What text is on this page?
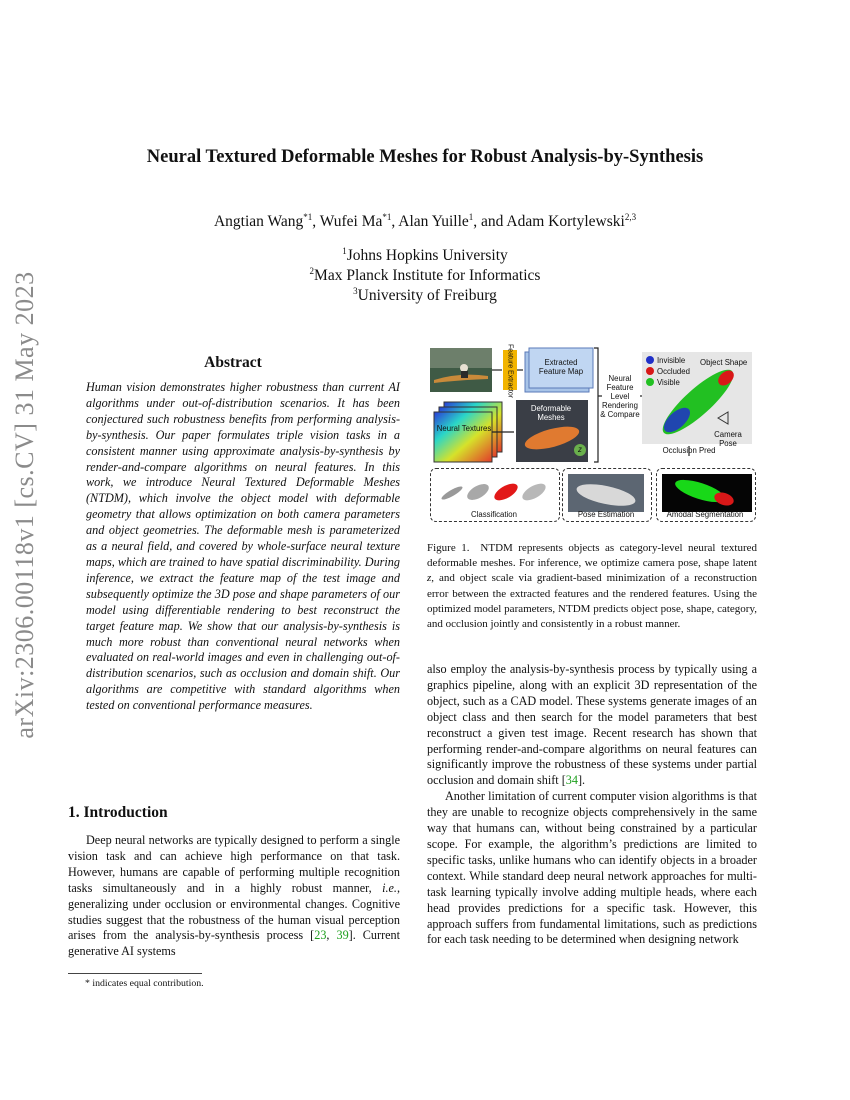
arXiv:2306.00118v1 [cs.CV] 31 May 2023
Neural Textured Deformable Meshes for Robust Analysis-by-Synthesis
Angtian Wang$^{*1}$, Wufei Ma$^{*1}$, Alan Yuille$^1$, and Adam Kortylewski$^{2,3}$
$^1$Johns Hopkins University
$^2$Max Planck Institute for Informatics
$^3$University of Freiburg
Abstract
Human vision demonstrates higher robustness than current AI algorithms under out-of-distribution scenarios. It has been conjectured such robustness benefits from performing analysis-by-synthesis. Our paper formulates triple vision tasks in a consistent manner using approximate analysis-by-synthesis by render-and-compare algorithms on neural features. In this work, we introduce Neural Textured Deformable Meshes (NTDM), which involve the object model with deformable geometry that allows optimization on both camera parameters and object geometries. The deformable mesh is parameterized as a neural field, and covered by whole-surface neural texture maps, which are trained to have spatial discriminability. During inference, we extract the feature map of the test image and subsequently optimize the 3D pose and shape parameters of our model using differentiable rendering to best reconstruct the target feature map. We show that our analysis-by-synthesis is much more robust than conventional neural networks when evaluated on real-world images and even in challenging out-of-distribution scenarios, such as occlusion and domain shift. Our algorithms are competitive with standard algorithms when tested on conventional performance measures.
1. Introduction

Deep neural networks are typically designed to perform a single vision task and can achieve high performance on that task. However, humans are capable of performing multiple recognition tasks simultaneously and in a highly robust manner, i.e., generalizing under occlusion or environmental changes. Cognitive studies suggest that the robustness of the human visual perception arises from the analysis-by-synthesis process [23, 39]. Current generative AI systems

* indicates equal contribution.
Feature Extractor	Extracted Feature Map
Neural Textures
Deformable Meshes
z
Neural Feature Level Rendering & Compare
Invisible
Occluded
Visible
Object Shape
Camera Pose
Occlusion Pred
Classification	Pose Estimation	Amodal Segmentation
Figure 1. NTDM represents objects as category-level neural textured deformable meshes. For inference, we optimize camera pose, shape latent z, and object scale via gradient-based minimization of a reconstruction error between the extracted features and the rendered features. Using the optimized model parameters, NTDM predicts object pose, shape, category, and occlusion jointly and consistently in a robust manner.

also employ the analysis-by-synthesis process by typically using a graphics pipeline, along with an explicit 3D representation of the object, such as a CAD model. These systems generate images of an object class and then search for the model parameters that best reconstruct a given test image. Recent research has shown that performing render-and-compare algorithms on neural features can significantly improve the robustness of these systems under partial occlusion and domain shift [34].

Another limitation of current computer vision algorithms is that they are unable to recognize objects comprehensively in the same way that humans can, without being constrained by a particular scope. For example, the algorithm’s predictions are limited to specific tasks, unlike humans who can identify objects in a broader context. While standard deep neural network approaches for multi-task learning typically involve adding multiple heads, where each head provides predictions for a specific task. However, this approach suffers from fundamental limitations, such as predictions for each task needing to be determined when designing network
